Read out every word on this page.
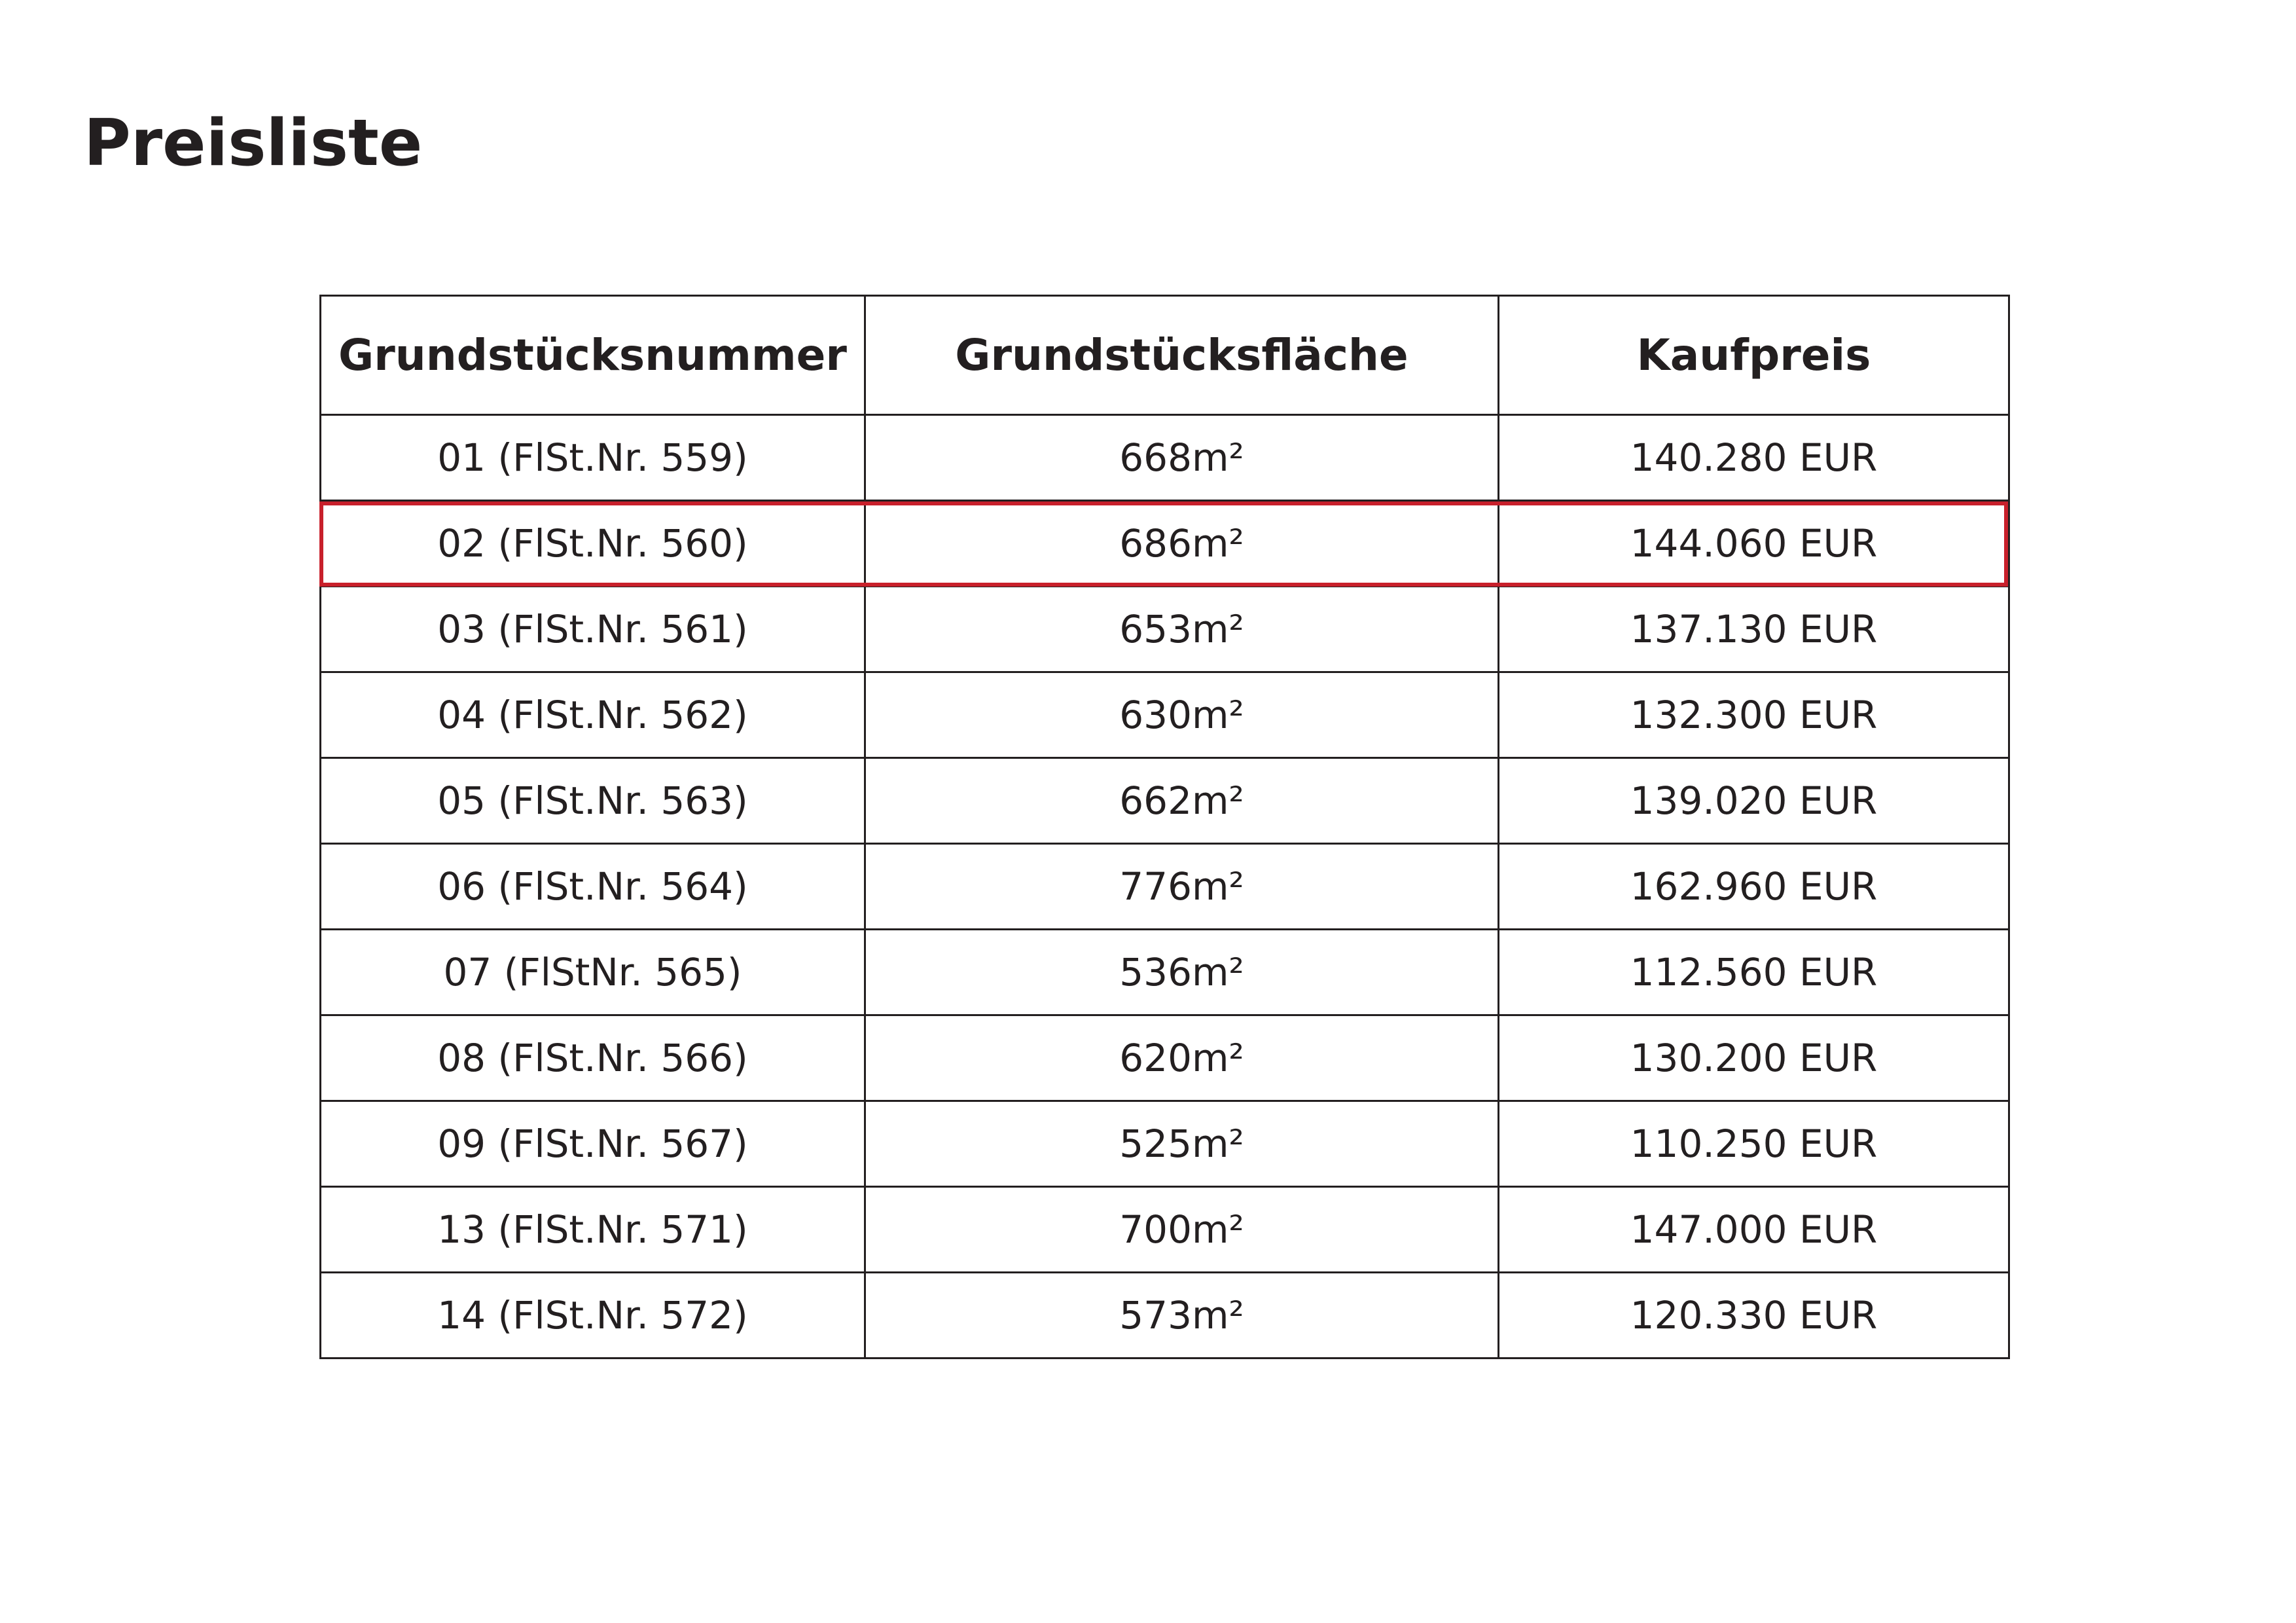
Preisliste
Grundstücksnummer	Grundstücksfläche	Kaufpreis
01 (FlSt.Nr. 559)	668m²	140.280 EUR
02 (FlSt.Nr. 560)	686m²	144.060 EUR
03 (FlSt.Nr. 561)	653m²	137.130 EUR
04 (FlSt.Nr. 562)	630m²	132.300 EUR
05 (FlSt.Nr. 563)	662m²	139.020 EUR
06 (FlSt.Nr. 564)	776m²	162.960 EUR
07 (FlStNr. 565)	536m²	112.560 EUR
08 (FlSt.Nr. 566)	620m²	130.200 EUR
09 (FlSt.Nr. 567)	525m²	110.250 EUR
13 (FlSt.Nr. 571)	700m²	147.000 EUR
14 (FlSt.Nr. 572)	573m²	120.330 EUR
